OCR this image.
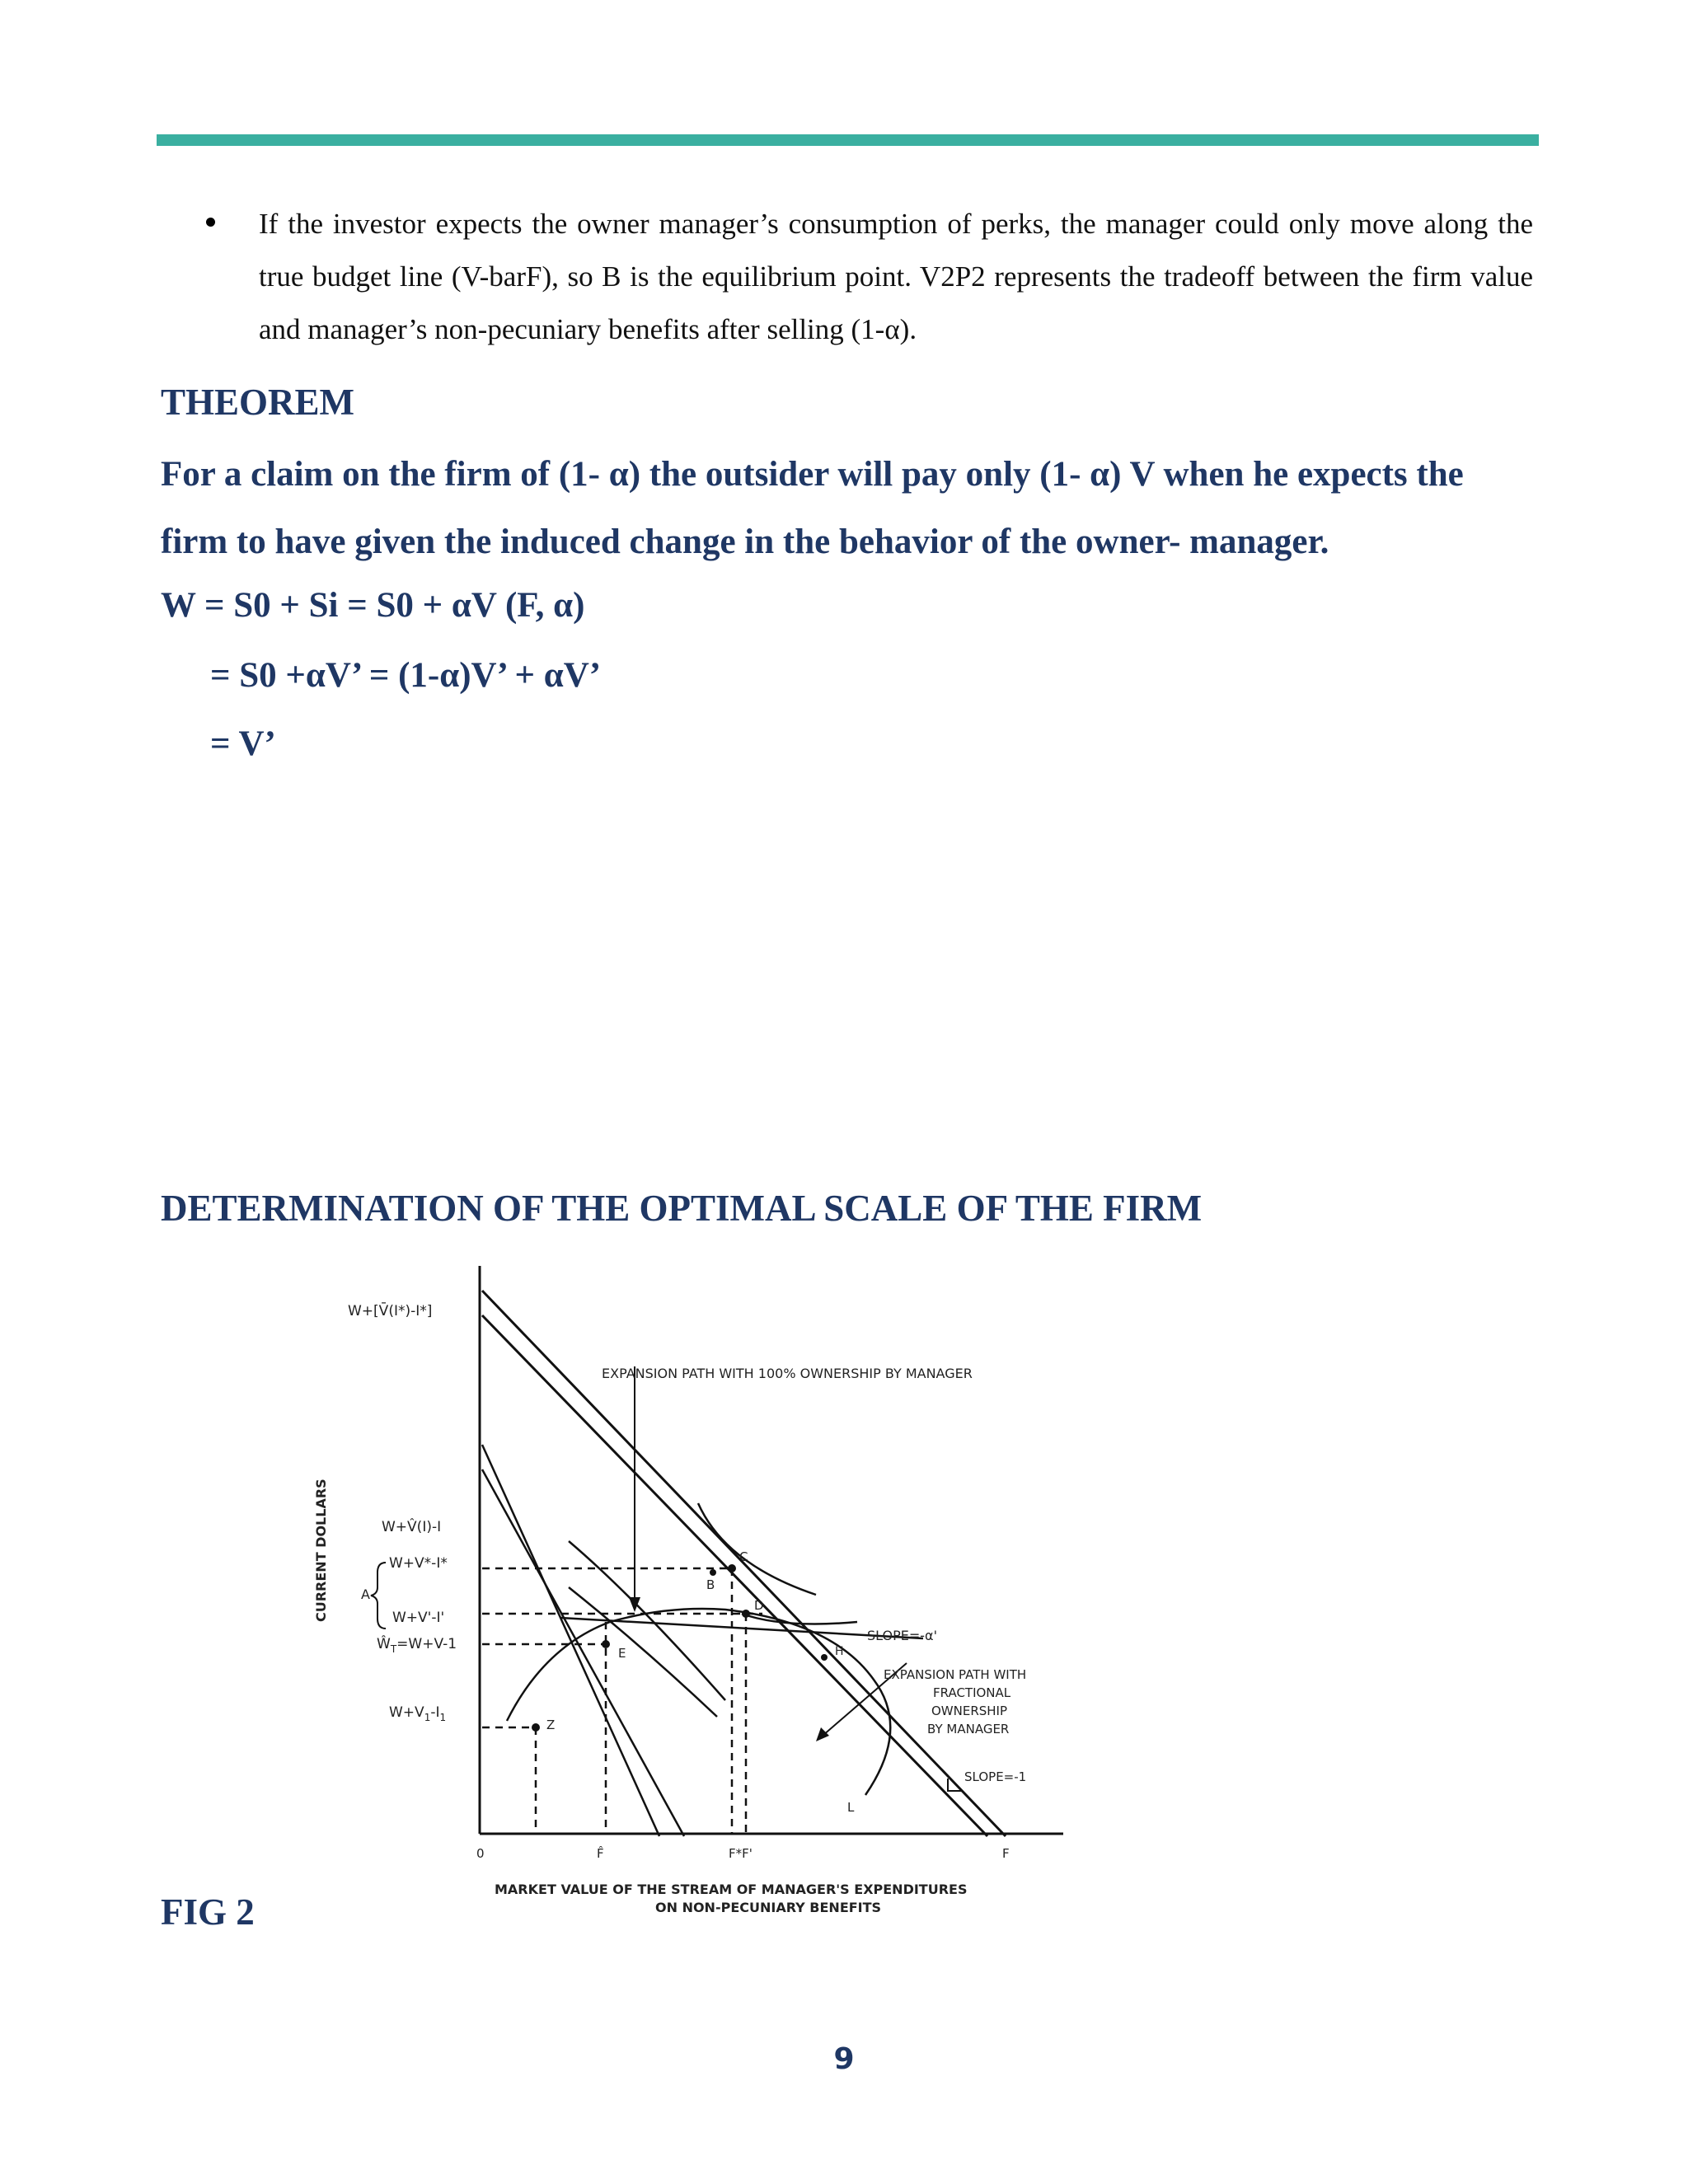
If the investor expects the owner manager’s consumption of perks, the manager could only move along the true budget line (V-barF), so B is the equilibrium point. V2P2 represents the tradeoff between the firm value and manager’s non-pecuniary benefits after selling (1-α).
THEOREM
For a claim on the firm of (1- α) the outsider will pay only (1- α) V when he expects the firm to have given the induced change in the behavior of the owner- manager.
W = S0 + Si = S0 + αV (F, α)
= S0 +αV’ = (1-α)V’ + αV’
= V’
DETERMINATION OF THE OPTIMAL SCALE OF THE FIRM
C
B
D
E
Z
H
L
W+[V̄(I*)-I*]
W+V̂(I)-I
W+V*-I*
W+V'-I'
$Ŵ_T=W+V-1$
$W+V_1-I_1$
A
CURRENT DOLLARS
0	F̂	F*F'	F
MARKET VALUE OF THE STREAM OF MANAGER'S EXPENDITURES
ON NON-PECUNIARY BENEFITS
EXPANSION PATH WITH 100% OWNERSHIP BY MANAGER
SLOPE=-α'
EXPANSION PATH WITH
FRACTIONAL
OWNERSHIP
BY MANAGER
SLOPE=-1
FIG 2
9
